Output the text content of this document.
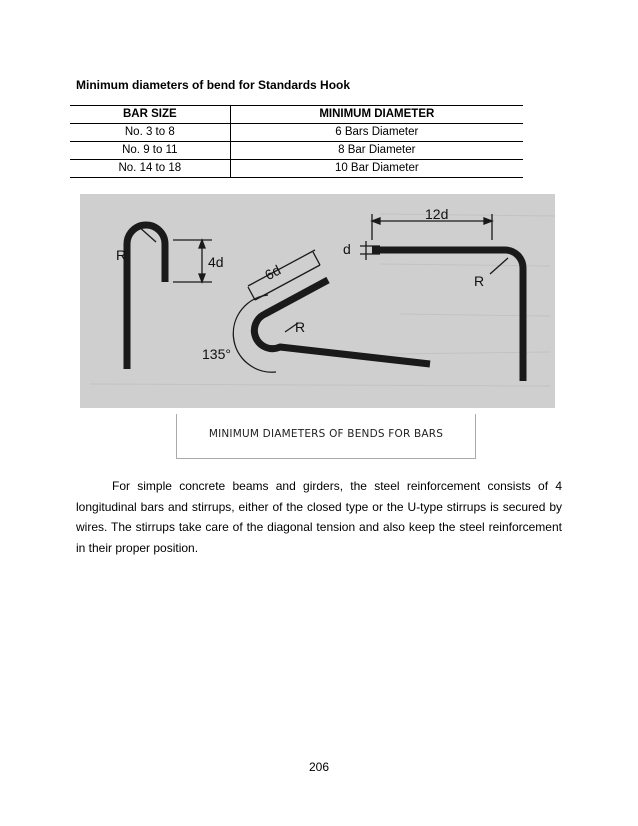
Minimum diameters of bend for Standards Hook
BAR SIZE	MINIMUM DIAMETER
No. 3 to 8	6 Bars Diameter
No. 9 to 11	8 Bar Diameter
No. 14 to 18	10 Bar Diameter
R	4d	6d
R
135°
d
12d
R
MINIMUM DIAMETERS OF BENDS FOR BARS

For simple concrete beams and girders, the steel reinforcement consists of 4 longitudinal bars and stirrups, either of the closed type or the U-type stirrups is secured by wires. The stirrups take care of the diagonal tension and also keep the steel reinforcement in their proper position.

206
